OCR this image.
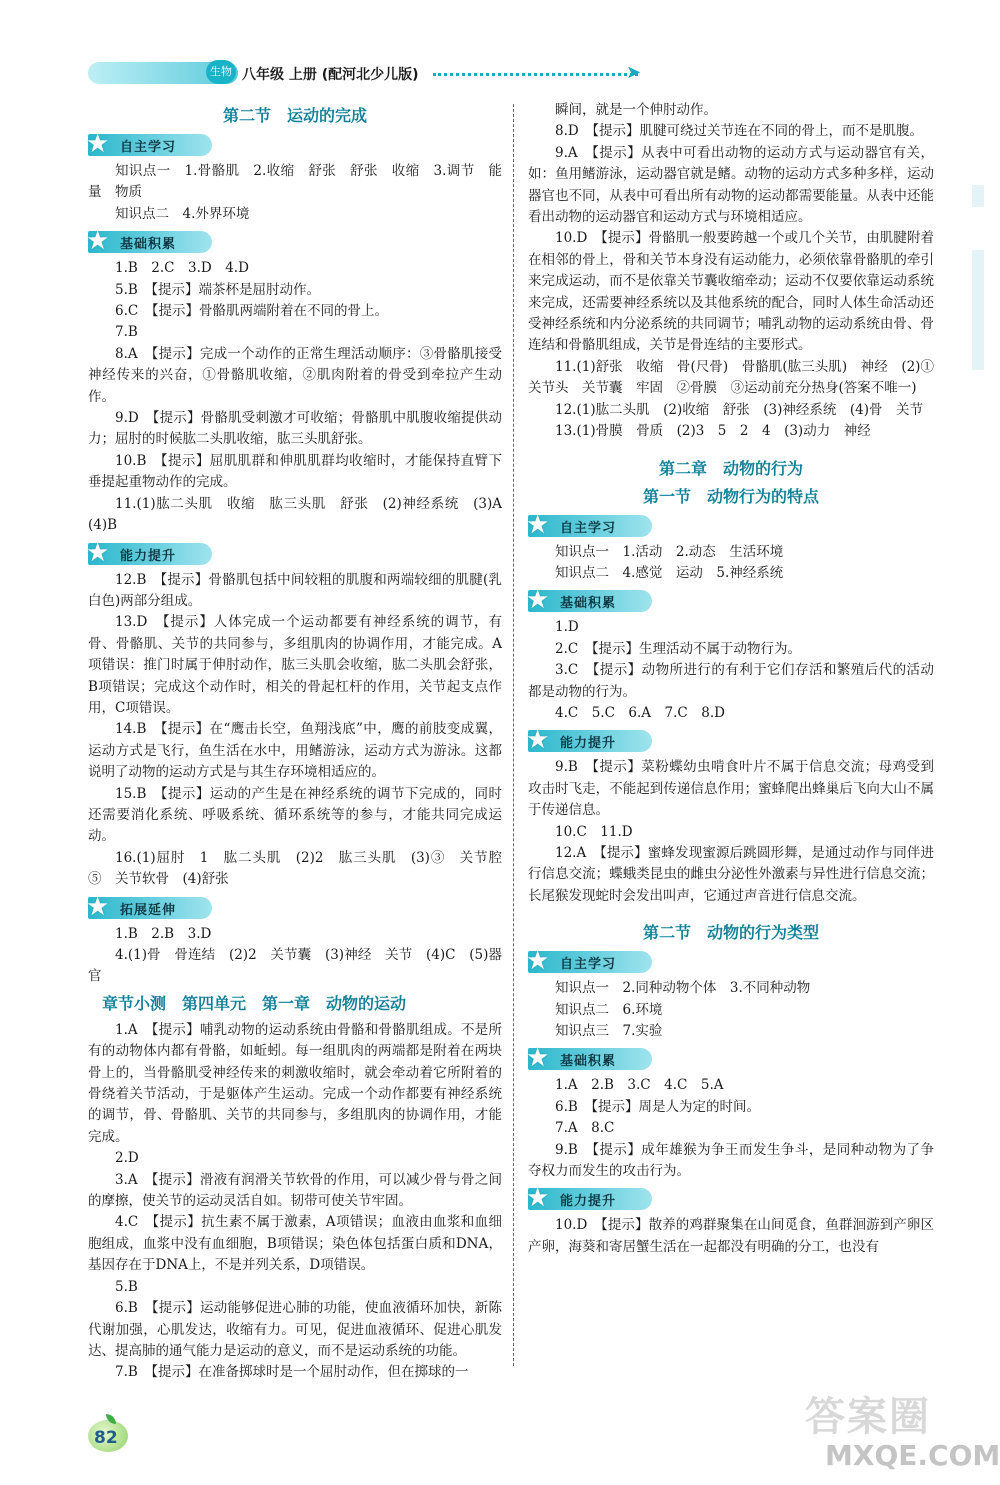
生物 八年级 上册 (配河北少儿版)	➤
第二节　运动的完成
★ 自主学习

知识点一　1.骨骼肌　2.收缩　舒张　舒张　收缩　3.调节　能量　物质

知识点二　4.外界环境

★ 基础积累

1.B　2.C　3.D　4.D

5.B　【提示】端茶杯是屈肘动作。

6.C　【提示】骨骼肌两端附着在不同的骨上。

7.B

8.A　【提示】完成一个动作的正常生理活动顺序：③骨骼肌接受神经传来的兴奋，①骨骼肌收缩，②肌肉附着的骨受到牵拉产生动作。

9.D　【提示】骨骼肌受刺激才可收缩；骨骼肌中肌腹收缩提供动力；屈肘的时候肱二头肌收缩，肱三头肌舒张。

10.B　【提示】屈肌肌群和伸肌肌群均收缩时，才能保持直臂下垂提起重物动作的完成。

11.(1)肱二头肌　收缩　肱三头肌　舒张　(2)神经系统　(3)A　(4)B

★ 能力提升

12.B　【提示】骨骼肌包括中间较粗的肌腹和两端较细的肌腱(乳白色)两部分组成。

13.D　【提示】人体完成一个运动都要有神经系统的调节，有骨、骨骼肌、关节的共同参与，多组肌肉的协调作用，才能完成。A项错误：推门时属于伸肘动作，肱三头肌会收缩，肱二头肌会舒张，B项错误；完成这个动作时，相关的骨起杠杆的作用，关节起支点作用，C项错误。

14.B　【提示】在“鹰击长空，鱼翔浅底”中，鹰的前肢变成翼，运动方式是飞行，鱼生活在水中，用鳍游泳，运动方式为游泳。这都说明了动物的运动方式是与其生存环境相适应的。

15.B　【提示】运动的产生是在神经系统的调节下完成的，同时还需要消化系统、呼吸系统、循环系统等的参与，才能共同完成运动。

16.(1)屈肘　1　肱二头肌　(2)2　肱三头肌　(3)③　关节腔　⑤　关节软骨　(4)舒张

★ 拓展延伸

1.B　2.B　3.D

4.(1)骨　骨连结　(2)2　关节囊　(3)神经　关节　(4)C　(5)器官

章节小测　第四单元　第一章　动物的运动

1.A　【提示】哺乳动物的运动系统由骨骼和骨骼肌组成。不是所有的动物体内都有骨骼，如蚯蚓。每一组肌肉的两端都是附着在两块骨上的，当骨骼肌受神经传来的刺激收缩时，就会牵动着它所附着的骨绕着关节活动，于是躯体产生运动。完成一个动作都要有神经系统的调节，骨、骨骼肌、关节的共同参与，多组肌肉的协调作用，才能完成。

2.D

3.A　【提示】滑液有润滑关节软骨的作用，可以减少骨与骨之间的摩擦，使关节的运动灵活自如。韧带可使关节牢固。

4.C　【提示】抗生素不属于激素，A项错误；血液由血浆和血细胞组成，血浆中没有血细胞，B项错误；染色体包括蛋白质和DNA，基因存在于DNA上，不是并列关系，D项错误。

5.B

6.B　【提示】运动能够促进心肺的功能，使血液循环加快，新陈代谢加强，心肌发达，收缩有力。可见，促进血液循环、促进心肌发达、提高肺的通气能力是运动的意义，而不是运动系统的功能。

7.B　【提示】在准备掷球时是一个屈肘动作，但在掷球的一

瞬间，就是一个伸肘动作。

8.D　【提示】肌腱可绕过关节连在不同的骨上，而不是肌腹。

9.A　【提示】从表中可看出动物的运动方式与运动器官有关，如：鱼用鳍游泳，运动器官就是鳍。动物的运动方式多种多样，运动器官也不同，从表中可看出所有动物的运动都需要能量。从表中还能看出动物的运动器官和运动方式与环境相适应。

10.D　【提示】骨骼肌一般要跨越一个或几个关节，由肌腱附着在相邻的骨上，骨和关节本身没有运动能力，必须依靠骨骼肌的牵引来完成运动，而不是依靠关节囊收缩牵动；运动不仅要依靠运动系统来完成，还需要神经系统以及其他系统的配合，同时人体生命活动还受神经系统和内分泌系统的共同调节；哺乳动物的运动系统由骨、骨连结和骨骼肌组成，关节是骨连结的主要形式。

11.(1)舒张　收缩　骨(尺骨)　骨骼肌(肱三头肌)　神经　(2)①关节头　关节囊　牢固　②骨膜　③运动前充分热身(答案不唯一)

12.(1)肱二头肌　(2)收缩　舒张　(3)神经系统　(4)骨　关节

13.(1)骨膜　骨质　(2)3　5　2　4　(3)动力　神经

第二章　动物的行为
第一节　动物行为的特点
★ 自主学习

知识点一　1.活动　2.动态　生活环境

知识点二　4.感觉　运动　5.神经系统

★ 基础积累

1.D

2.C　【提示】生理活动不属于动物行为。

3.C　【提示】动物所进行的有利于它们存活和繁殖后代的活动都是动物的行为。

4.C　5.C　6.A　7.C　8.D

★ 能力提升

9.B　【提示】菜粉蝶幼虫啃食叶片不属于信息交流；母鸡受到攻击时飞走，不能起到传递信息作用；蜜蜂爬出蜂巢后飞向大山不属于传递信息。

10.C　11.D

12.A　【提示】蜜蜂发现蜜源后跳圆形舞，是通过动作与同伴进行信息交流；蝶蛾类昆虫的雌虫分泌性外激素与异性进行信息交流；长尾猴发现蛇时会发出叫声，它通过声音进行信息交流。

第二节　动物的行为类型
★ 自主学习

知识点一　2.同种动物个体　3.不同种动物

知识点二　6.环境

知识点三　7.实验

★ 基础积累

1.A　2.B　3.C　4.C　5.A

6.B　【提示】周是人为定的时间。

7.A　8.C

9.B　【提示】成年雄猴为争王而发生争斗，是同种动物为了争夺权力而发生的攻击行为。

★ 能力提升

10.D　【提示】散养的鸡群聚集在山间觅食，鱼群洄游到产卵区产卵，海葵和寄居蟹生活在一起都没有明确的分工，也没有

82	答案圈
MXQE.COM
